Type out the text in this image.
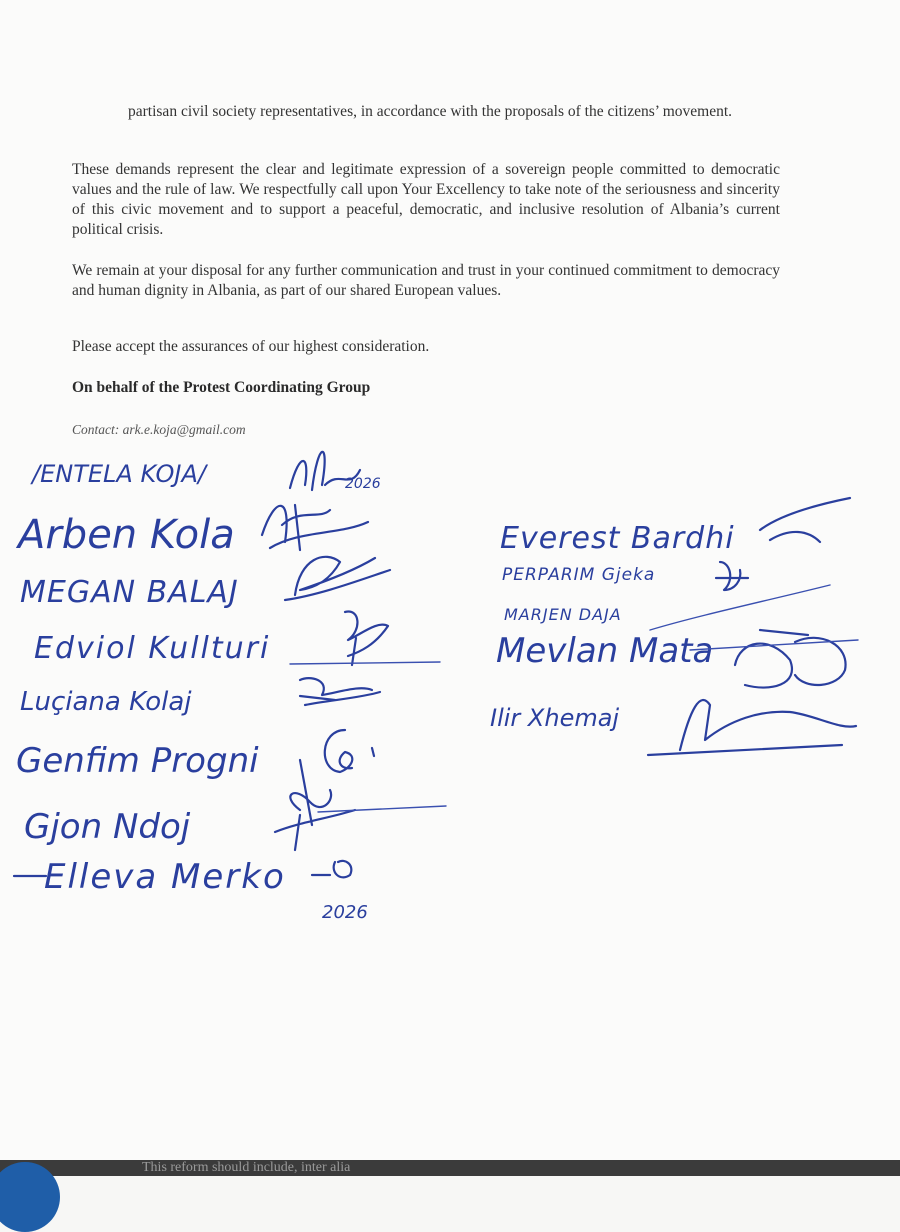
partisan civil society representatives, in accordance with the proposals of the citizens’ movement.

These demands represent the clear and legitimate expression of a sovereign people committed to democratic values and the rule of law. We respectfully call upon Your Excellency to take note of the seriousness and sincerity of this civic movement and to support a peaceful, democratic, and inclusive resolution of Albania’s current political crisis.

We remain at your disposal for any further communication and trust in your continued commitment to democracy and human dignity in Albania, as part of our shared European values.

Please accept the assurances of our highest consideration.

On behalf of the Protest Coordinating Group
Contact: ark.e.koja@gmail.com
/ENTELA KOJA/	2026
Arben Kola
MEGAN BALAJ
Edviol Kullturi
Luçiana Kolaj
Genfim Progni
Gjon Ndoj
Elleva Merko
2026
Everest Bardhi
PERPARIM Gjeka
MARJEN DAJA
Mevlan Mata
Ilir Xhemaj
This reform should include, inter alia
